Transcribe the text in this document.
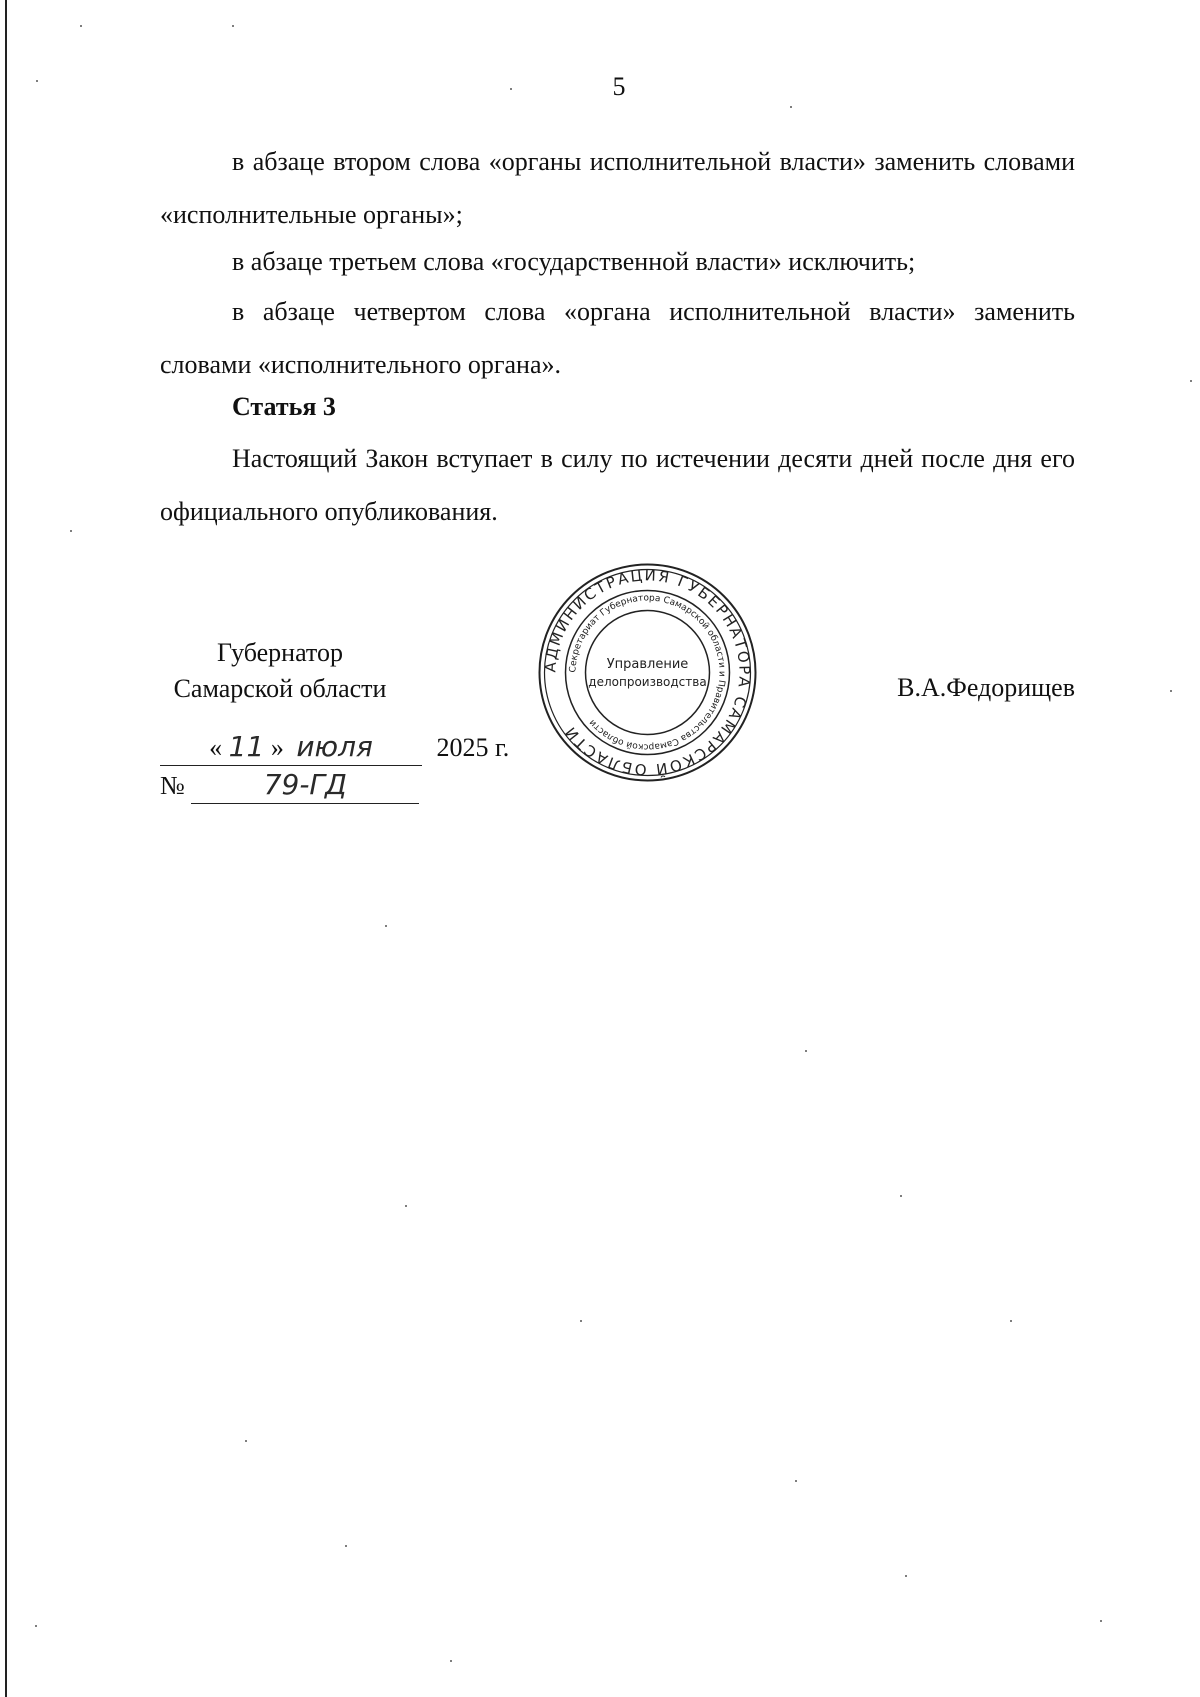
5

в абзаце втором слова «органы исполнительной власти» заменить словами «исполнительные органы»;

в абзаце третьем слова «государственной власти» исключить;

в абзаце четвертом слова «органа исполнительной власти» заменить словами «исполнительного органа».

Статья 3

Настоящий Закон вступает в силу по истечении десяти дней после дня его официального опубликования.

Губернатор
Самарской области	В.А.Федорищев
« 11 » июля 2025 г.
№	79-ГД
АДМИНИСТРАЦИЯ ГУБЕРНАТОРА САМАРСКОЙ ОБЛАСТИ
Секретариат Губернатора Самарской области и Правительства Самарской области
Управление
делопроизводства
